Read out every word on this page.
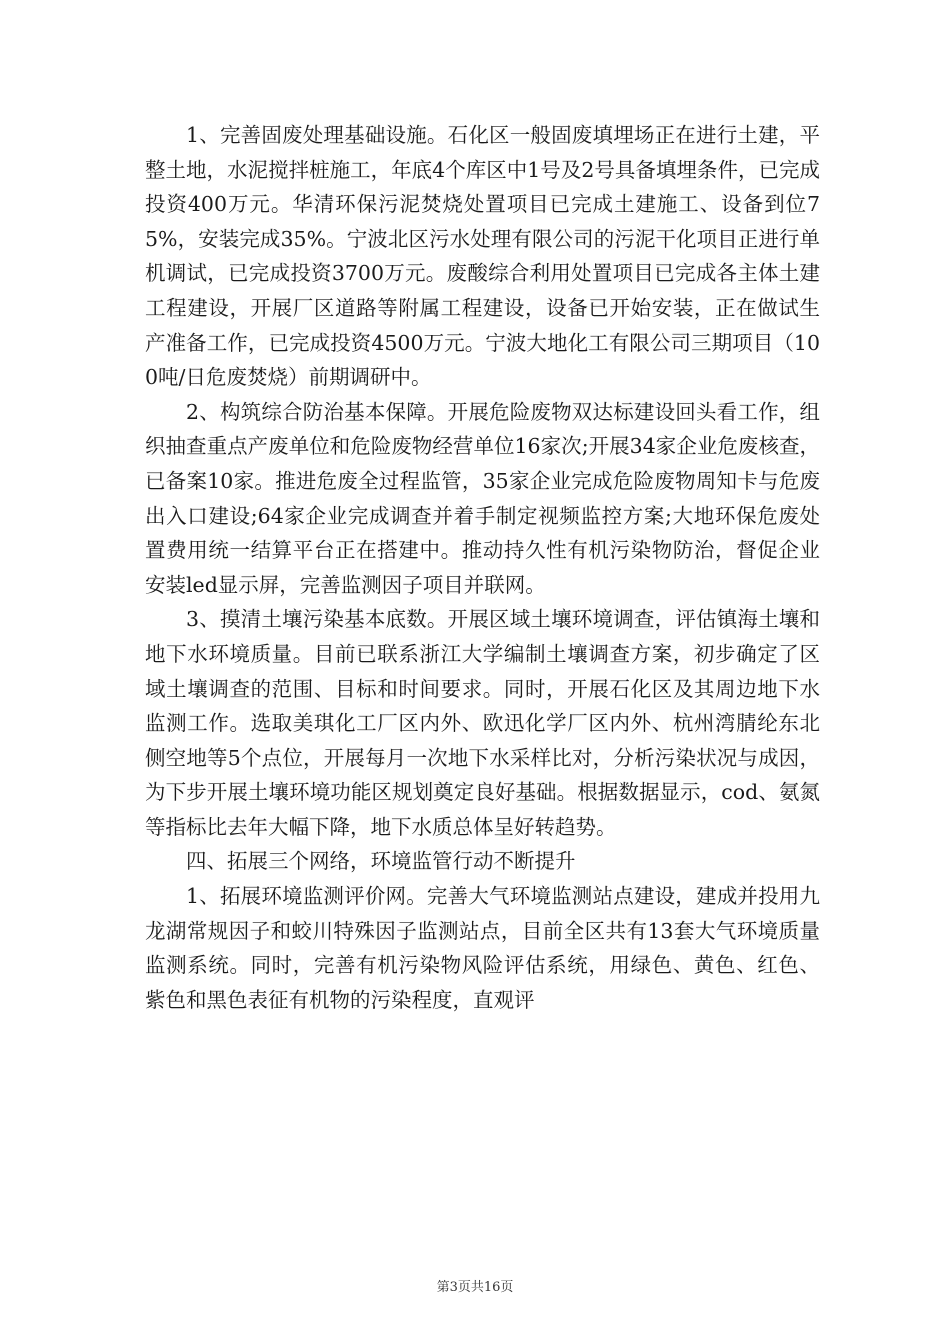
1、完善固废处理基础设施。石化区一般固废填埋场正在进行土建，平整土地，水泥搅拌桩施工，年底4个库区中1号及2号具备填埋条件，已完成投资400万元。华清环保污泥焚烧处置项目已完成土建施工、设备到位75%，安装完成35%。宁波北区污水处理有限公司的污泥干化项目正进行单机调试，已完成投资3700万元。废酸综合利用处置项目已完成各主体土建工程建设，开展厂区道路等附属工程建设，设备已开始安装，正在做试生产准备工作，已完成投资4500万元。宁波大地化工有限公司三期项目（100吨/日危废焚烧）前期调研中。

2、构筑综合防治基本保障。开展危险废物双达标建设回头看工作，组织抽查重点产废单位和危险废物经营单位16家次;开展34家企业危废核查，已备案10家。推进危废全过程监管，35家企业完成危险废物周知卡与危废出入口建设;64家企业完成调查并着手制定视频监控方案;大地环保危废处置费用统一结算平台正在搭建中。推动持久性有机污染物防治，督促企业安装led显示屏，完善监测因子项目并联网。

3、摸清土壤污染基本底数。开展区域土壤环境调查，评估镇海土壤和地下水环境质量。目前已联系浙江大学编制土壤调查方案，初步确定了区域土壤调查的范围、目标和时间要求。同时，开展石化区及其周边地下水监测工作。选取美琪化工厂区内外、欧迅化学厂区内外、杭州湾腈纶东北侧空地等5个点位，开展每月一次地下水采样比对，分析污染状况与成因，为下步开展土壤环境功能区规划奠定良好基础。根据数据显示，cod、氨氮等指标比去年大幅下降，地下水质总体呈好转趋势。

四、拓展三个网络，环境监管行动不断提升

1、拓展环境监测评价网。完善大气环境监测站点建设，建成并投用九龙湖常规因子和蛟川特殊因子监测站点，目前全区共有13套大气环境质量监测系统。同时，完善有机污染物风险评估系统，用绿色、黄色、红色、紫色和黑色表征有机物的污染程度，直观评

第3页共16页
